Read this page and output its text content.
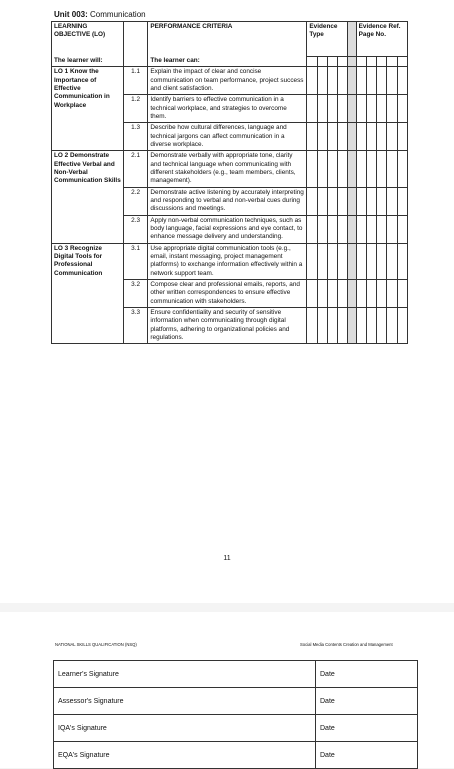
Unit 003: Communication
LEARNING OBJECTIVE (LO)		PERFORMANCE CRITERIA	Evidence Type					Evidence Ref. Page No.				
The learner will:		The learner can:										
LO 1 Know the Importance of Effective Communication in Workplace	1.1	Explain the impact of clear and concise communication on team performance, project success and client satisfaction.										
	1.2	Identify barriers to effective communication in a technical workplace, and strategies to overcome them.										
	1.3	Describe how cultural differences, language and technical jargons can affect communication in a diverse workplace.										
LO 2 Demonstrate Effective Verbal and Non-Verbal Communication Skills	2.1	Demonstrate verbally with appropriate tone, clarity and technical language when communicating with different stakeholders (e.g., team members, clients, management).										
	2.2	Demonstrate active listening by accurately interpreting and responding to verbal and non-verbal cues during discussions and meetings.										
	2.3	Apply non-verbal communication techniques, such as body language, facial expressions and eye contact, to enhance message delivery and understanding.										
LO 3 Recognize Digital Tools for Professional Communication	3.1	Use appropriate digital communication tools (e.g., email, instant messaging, project management platforms) to exchange information effectively within a network support team.										
	3.2	Compose clear and professional emails, reports, and other written correspondences to ensure effective communication with stakeholders.										
	3.3	Ensure confidentiality and security of sensitive information when communicating through digital platforms, adhering to organizational policies and regulations.										
11
NATIONAL SKILLS QUALIFICATION (NSQ)	Social Media Contents Creation and Management
Learner's Signature	Date
Assessor's Signature	Date
IQA's Signature	Date
EQA's Signature	Date
